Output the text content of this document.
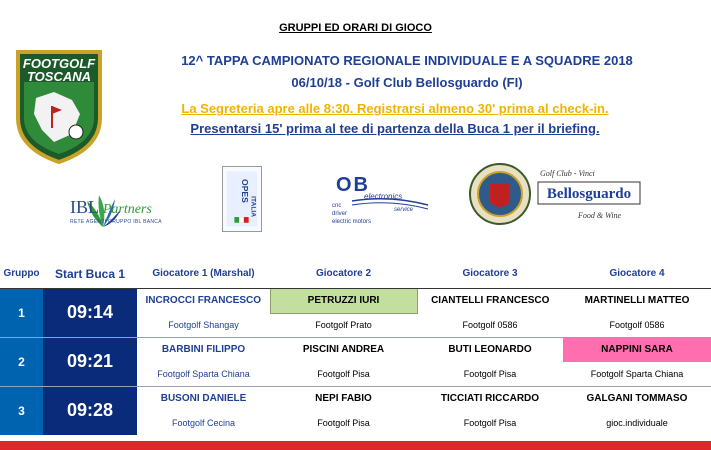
GRUPPI ED ORARI DI GIOCO
FOOTGOLF
TOSCANA
12^ TAPPA CAMPIONATO REGIONALE INDIVIDUALE E A SQUADRE 2018
06/10/18 - Golf Club Bellosguardo (FI)
La Segreteria apre alle 8:30. Registrarsi almeno 30' prima al check-in.
Presentarsi 15' prima al tee di partenza della Buca 1 per il briefing.
IBL Partners
RETE AGENTI GRUPPO IBL BANCA
OPES
ITALIA
OB
electronics
service
cnc
driver
electric motors
Golf Club - Vinci
Bellosguardo
Food & Wine
Gruppo	Start Buca 1	Giocatore 1 (Marshal)	Giocatore 2	Giocatore 3	Giocatore 4
1	09:14	INCROCCI FRANCESCO	PETRUZZI IURI	CIANTELLI FRANCESCO	MARTINELLI MATTEO
		Footgolf Shangay	Footgolf Prato	Footgolf 0586	Footgolf 0586
2	09:21	BARBINI FILIPPO	PISCINI ANDREA	BUTI LEONARDO	NAPPINI SARA
		Footgolf Sparta Chiana	Footgolf Pisa	Footgolf Pisa	Footgolf Sparta Chiana
3	09:28	BUSONI DANIELE	NEPI FABIO	TICCIATI RICCARDO	GALGANI TOMMASO
		Footgolf Cecina	Footgolf Pisa	Footgolf Pisa	gioc.individuale
